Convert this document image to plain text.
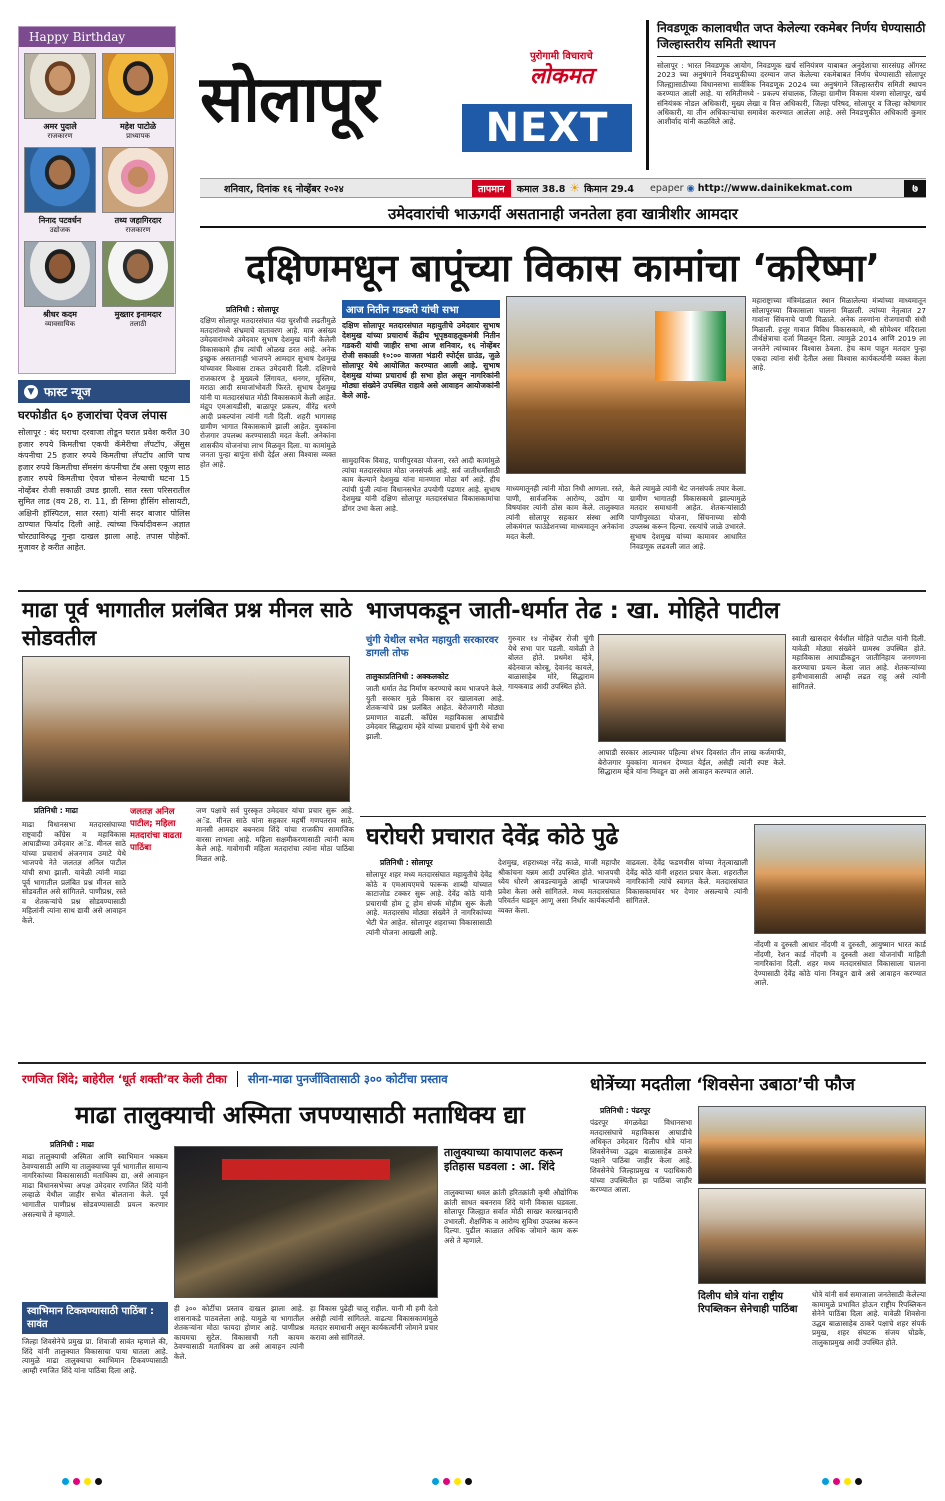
Happy Birthday
अमर पुदाले
राजकारण
महेश पाटोळे
प्राध्यापक
निनाद पटवर्धन
उद्योजक
तथ्य जहागिरदार
राजकारण
श्रीधर कदम
व्यावसायिक
मुख्तार इनामदार
तलाठी
सोलापूर
पुरोगामी विचाराचे
लोकमत
NEXT
निवडणूक कालावधीत जप्त केलेल्या रकमेबर निर्णय घेण्यासाठी जिल्हास्तरीय समिती स्थापन
सोलापूर : भारत निवडणूक आयोग, निवडणूक खर्च संनियंत्रण याबाबत अनुदेशाचा सारसंग्रह ऑगस्ट 2023 च्या अनुषंगाने निवडणुकीच्या दरम्यान जप्त केलेल्या रकमेबाबत निर्णय घेण्यासाठी सोलापूर जिल्ह्यासाठीच्या विधानसभा सार्वत्रिक निवडणूक 2024 च्या अनुषंगाने जिल्हास्तरीय समिती स्थापन करण्यात आली आहे. या समितीमध्ये - प्रकल्प संचालक, जिल्हा ग्रामीण विकास यंत्रणा सोलापूर, खर्च संनियंत्रक नोडल अधिकारी, मुख्य लेखा व वित्त अधिकारी, जिल्हा परिषद, सोलापूर व जिल्हा कोषागार अधिकारी, या तीन अधिकाऱ्यांचा समावेश करण्यात आलेला आहे. असे निवडणुकीत अधिकारी कुमार आशीर्वाद यांनी कळविले आहे.
शनिवार, दिनांक १६ नोव्हेंबर २०२४	तापमान	कमाल 38.8 ☀ किमान 29.4 epaper ◉ http://www.dainikekmat.com	७
उमेदवारांची भाऊगर्दी असतानाही जनतेला हवा खात्रीशीर आमदार
दक्षिणमधून बापूंच्या विकास कामांचा ‘करिष्मा’
▼ फास्ट न्यूज
घरफोडीत ६० हजारांचा ऐवज लंपास
सोलापूर : बंद घराचा दरवाजा तोडून घरात प्रवेश करीत 30 हजार रुपये किमतीचा एकपी कॅमेरीचा लॅपटॉप, ॲसुस कंपनीचा 25 हजार रुपये किमतीचा लॅपटॉप आणि पाच हजार रुपये किमतीचा सॅमसंग कंपनीचा टॅब असा एकूण साठ हजार रुपये किमतीचा ऐवज चोरून नेल्याची घटना 15 नोव्हेंबर रोजी सकाळी उघड झाली. सात रस्ता परिसरातील सुमित लाड (वय 28, रा. 11, डी सिग्मा हौसिंग सोसायटी, अक्षिनी हॉस्पिटल, सात रस्ता) यांनी सदर बाजार पोलिस ठाण्यात फिर्याद दिली आहे. त्यांच्या फिर्यादीवरून अज्ञात चोरट्याविरुद्ध गुन्हा दाखल झाला आहे. तपास पोहेकॉ. मुजावर हे करीत आहेत.
प्रतिनिधी : सोलापूर
दक्षिण सोलापूर मतदारसंघात यंदा चुरशीची लढतीमुळे मतदारांमध्ये संभ्रमाचे वातावरण आहे. मात्र असंख्य उमेदवारांमध्ये उमेदवार सुभाष देशमुख यांनी केलेली विकासकामे हीच त्यांची ओळख ठरत आहे. अनेक इच्छुक असतानाही भाजपने आमदार सुभाष देशमुख यांच्यावर विश्वास टाकत उमेदवारी दिली. दक्षिणचे राजकारण हे मुख्यत्वे लिंगायत, धनगर, मुस्लिम, मराठा आदी समाजांभोवती फिरते. सुभाष देशमुख यांनी या मतदारसंघात मोठी विकासकामे केली आहेत. मंद्रुप एमआयडीसी, बाळापूर प्रकल्प, वीरेंद्र धरणे आदी प्रकल्पांना त्यांनी गती दिली. शहरी भागासह ग्रामीण भागात विकासकामे झाली आहेत. युवकांना रोजगार उपलब्ध करण्यासाठी मदत केली. अनेकांना शासकीय योजनांचा लाभ मिळवून दिला. या कामांमुळे जनता पुन्हा बापूंना संधी देईल असा विश्वास व्यक्त होत आहे.
आज नितीन गडकरी यांची सभा
दक्षिण सोलापूर मतदारसंघात महायुतीचे उमेदवार सुभाष देशमुख यांच्या प्रचारार्थ केंद्रीय भूपृष्ठवाहतूकमंत्री नितीन गडकरी यांची जाहीर सभा आज शनिवार, १६ नोव्हेंबर रोजी सकाळी १०:०० वाजता भंडारी स्पोर्ट्स ग्राउंड, जुळे सोलापूर येथे आयोजित करण्यात आली आहे. सुभाष देशमुख यांच्या प्रचारार्थ ही सभा होत असून नागरिकांनी मोठ्या संख्येने उपस्थित राहावे असे आवाहन आयोजकांनी केले आहे.
सामुदायिक विवाह, पाणीपुरवठा योजना, रस्ते आदी कामांमुळे त्यांचा मतदारसंघात मोठा जनसंपर्क आहे. सर्व जातीधर्मांसाठी काम केल्याने देशमुख यांना मानणारा मोठा वर्ग आहे. हीच त्यांची पुंजी त्यांना विधानसभेत उपयोगी पडणार आहे. सुभाष देशमुख यांनी दक्षिण सोलापूर मतदारसंघात विकासकामांचा डोंगर उभा केला आहे.
माध्यमातूनही त्यांनी मोठा निधी आणला. रस्ते, पाणी, सार्वजनिक आरोग्य, उद्योग या विषयांवर त्यांनी ठोस काम केले. तालुक्यात त्यांनी सोलापूर सहकार संस्था आणि लोकमंगल फाउंडेशनच्या माध्यमातून अनेकांना मदत केली.
केले त्यामुळे त्यांनी थेट जनसंपर्क तयार केला. ग्रामीण भागातही विकासकामे झाल्यामुळे मतदार समाधानी आहेत. शेतकऱ्यांसाठी पाणीपुरवठा योजना, सिंचनाच्या सोयी उपलब्ध करून दिल्या. रस्त्यांचे जाळे उभारले. सुभाष देशमुख यांच्या कामावर आधारित निवडणूक लढवली जात आहे.
महाराष्ट्राच्या मंत्रिमंडळात स्थान मिळालेल्या मंत्र्यांच्या माध्यमातून सोलापूरच्या विकासाला चालना मिळाली. त्यांच्या नेतृत्वात 27 गावांना सिंचनाचे पाणी मिळाले. अनेक तरुणांना रोजगाराची संधी मिळाली. हत्तूर गावात विविध विकासकामे, श्री सोमेश्वर मंदिराला तीर्थक्षेत्राचा दर्जा मिळवून दिला. त्यामुळे 2014 आणि 2019 ला जनतेने त्यांच्यावर विश्वास ठेवला. हेच काम पाहून मतदार पुन्हा एकदा त्यांना संधी देतील असा विश्वास कार्यकर्त्यांनी व्यक्त केला आहे.
माढा पूर्व भागातील प्रलंबित प्रश्न मीनल साठे सोडवतील
प्रतिनिधी : माढा	जलतज्ञ अनिल पाटील; महिला मतदारांचा वाढता पाठिंबा
माढा विधानसभा मतदारसंघाच्या राष्ट्रवादी काँग्रेस व महाविकास आघाडीच्या उमेदवार अॅड. मीनल साठे यांच्या प्रचारार्थ अंजनगाव उमाटे येथे भाजपचे नेते जलतज्ञ अनिल पाटील यांची सभा झाली. यावेळी त्यांनी माढा पूर्व भागातील प्रलंबित प्रश्न मीनल साठे सोडवतील असे सांगितले. पाणीप्रश्न, रस्ते व शेतकऱ्यांचे प्रश्न सोडवण्यासाठी महिलांनी त्यांना साथ द्यावी असे आवाहन केले.
जण पक्षाचे सर्व पुरस्कृत उमेदवार यांचा प्रचार सुरू आहे. अॅड. मीनल साठे यांना सहकार महर्षी गणपतराव साठे, मानसी आमदार बबनराव शिंदे यांचा राजकीय सामाजिक वारसा लाभला आहे. महिला सक्षमीकरणासाठी त्यांनी काम केले आहे. गावोगावी महिला मतदारांचा त्यांना मोठा पाठिंबा मिळत आहे.
भाजपकडून जाती-धर्मात तेढ : खा. मोहिते पाटील
चुंगी येथील सभेत महायुती सरकारवर डागली तोफ
तालुकाप्रतिनिधी : अक्कलकोट
जाती धर्मात तेढ निर्माण करण्याचे काम भाजपने केले. युती सरकार मुळे विकास दर खालावला आहे. शेतकऱ्यांचे प्रश्न प्रलंबित आहेत. बेरोजगारी मोठ्या प्रमाणात वाढली. काँग्रेस महाविकास आघाडीचे उमेदवार सिद्धाराम म्हेत्रे यांच्या प्रचारार्थ चुंगी येथे सभा झाली.
गुरुवार १४ नोव्हेंबर रोजी चुंगी येथे सभा पार पडली. यावेळी ते बोलत होते. प्रथमेश म्हेत्रे, बंदेनवाज कोरबू, देवानंद कायले, बाळासाहेब मोरे, सिद्धाराम गायकवाड आदी उपस्थित होते.
आघाडी सरकार आल्यावर पहिल्या शंभर दिवसांत तीन लाख कर्जमाफी, बेरोजगार युवकांना मानधन देण्यात येईल, असेही त्यांनी स्पष्ट केले. सिद्धाराम म्हेत्रे यांना निवडून द्या असे आवाहन करण्यात आले.
स्वाती खासदार धैर्यशील मोहिते पाटील यांनी दिली. यावेळी मोठ्या संख्येने ग्रामस्थ उपस्थित होते. महाविकास आघाडीकडून जातीनिहाय जनगणना करण्याचा प्रयत्न केला जात आहे. शेतकऱ्यांच्या हमीभावासाठी आम्ही लढत राहू असे त्यांनी सांगितले.
घरोघरी प्रचारात देवेंद्र कोठे पुढे
प्रतिनिधी : सोलापूर
सोलापूर शहर मध्य मतदारसंघात महायुतीचे देवेंद्र कोठे व एमआयएमचे फारूक शाब्दी यांच्यात काटाजोड टक्कर सुरू आहे. देवेंद्र कोठे यांनी प्रचाराची होम टू होम संपर्क मोहीम सुरू केली आहे. मतदारसंघ मोठ्या संख्येने ते नागरिकांच्या भेटी घेत आहेत. सोलापूर शहराच्या विकासासाठी त्यांनी योजना आखली आहे.
देशमुख, शहराध्यक्ष नरेंद्र काळे, माजी महापौर श्रीकांचना यन्नम आदी उपस्थित होते. भाजपची ध्येय धोरणे आवडल्यामुळे आम्ही भाजपमध्ये प्रवेश केला असे सांगितले. मध्य मतदारसंघात परिवर्तन घडवून आणू असा निर्धार कार्यकर्त्यांनी व्यक्त केला.
वाढवला. देवेंद्र फडणवीस यांच्या नेतृत्वाखाली देवेंद्र कोठे यांनी शहरात प्रचार केला. शहरातील नागरिकांनी त्यांचे स्वागत केले. मतदारसंघात विकासकामांवर भर देणार असल्याचे त्यांनी सांगितले.
नोंदणी व दुरुस्ती आधार नोंदणी व दुरुस्ती, आयुष्मान भारत कार्ड नोंदणी, रेशन कार्ड नोंदणी व दुरुस्ती अशा योजनांची माहिती नागरिकांना दिली. शहर मध्य मतदारसंघात विकासाला चालना देण्यासाठी देवेंद्र कोठे यांना निवडून द्यावे असे आवाहन करण्यात आले.
रणजित शिंदे; बाहेरील ‘धूर्त शक्ती’वर केली टीका सीना-माढा पुनर्जीवितासाठी ३०० कोटींचा प्रस्ताव
माढा तालुक्याची अस्मिता जपण्यासाठी मताधिक्य द्या
प्रतिनिधी : माढा
माढा तालुक्याची अस्मिता आणि स्वाभिमान भक्कम ठेवण्यासाठी आणि या तालुक्याच्या पूर्व भागातील सामान्य नागरिकांच्या विकासासाठी मताधिक्य द्या, असे आवाहन माढा विधानसभेच्या अपक्ष उमेदवार रणजित शिंदे यांनी लव्हाळे येथील जाहीर सभेत बोलताना केले. पूर्व भागातील पाणीप्रश्न सोडवण्यासाठी प्रयत्न करणार असल्याचे ते म्हणाले.
स्वाभिमान टिकवण्यासाठी पाठिंबा : सावंत
जिल्हा शिवसेनेचे प्रमुख प्रा. शिवाजी सावंत म्हणाले की, शिंदे यांनी तालुक्यात विकासाचा पाया घातला आहे. त्यामुळे माढा तालुक्याचा स्वाभिमान टिकवण्यासाठी आम्ही रणजित शिंदे यांना पाठिंबा दिला आहे.
ही ३०० कोटींचा प्रस्ताव दाखल झाला आहे. शासनाकडे पाठवलेला आहे. यामुळे या भागातील शेतकऱ्यांना मोठा फायदा होणार आहे. पाणीप्रश्न कायमचा सुटेल. विकासाची गती कायम ठेवण्यासाठी मताधिक्य द्या असे आवाहन त्यांनी केले.
हा विकास पुढेही चालू राहील. यानी मी हमी देतो असेही त्यांनी सांगितले. वाढत्या विकासकामांमुळे मतदार समाधानी असून कार्यकर्त्यांनी जोमाने प्रचार करावा असे सांगितले.
तालुक्याच्या कायापालट करून इतिहास घडवला : आ. शिंदे
तालुक्याच्या धवल क्रांती हरितक्रांती कृषी औद्योगिक क्रांती साधत बबनराव शिंदे यांनी विकास घडवला. सोलापूर जिल्ह्यात सर्वात मोठी साखर कारखानदारी उभारली. शैक्षणिक व आरोग्य सुविधा उपलब्ध करून दिल्या. पुढील काळात अधिक जोमाने काम करू असे ते म्हणाले.
धोत्रेंच्या मदतीला ‘शिवसेना उबाठा’ची फौज
प्रतिनिधी : पंढरपूर
पंढरपूर मंगळवेढा विधानसभा मतदारसंघाचे महाविकास आघाडीचे अधिकृत उमेदवार दिलीप धोत्रे यांना शिवसेनेच्या उद्धव बाळासाहेब ठाकरे पक्षाने पाठिंबा जाहीर केला आहे. शिवसेनेचे जिल्हाप्रमुख व पदाधिकारी यांच्या उपस्थितीत हा पाठिंबा जाहीर करण्यात आला.
दिलीप धोत्रे यांना राष्ट्रीय रिपब्लिकन सेनेचाही पाठिंबा
धोत्रे यांनी सर्व समाजाला जनतेसाठी केलेल्या कामामुळे प्रभावित होऊन राष्ट्रीय रिपब्लिकन सेनेने पाठिंबा दिला आहे. यावेळी शिवसेना उद्धव बाळासाहेब ठाकरे पक्षाचे शहर संपर्क प्रमुख, शहर संघटक संजय घोडके, तालुकाप्रमुख आदी उपस्थित होते.
